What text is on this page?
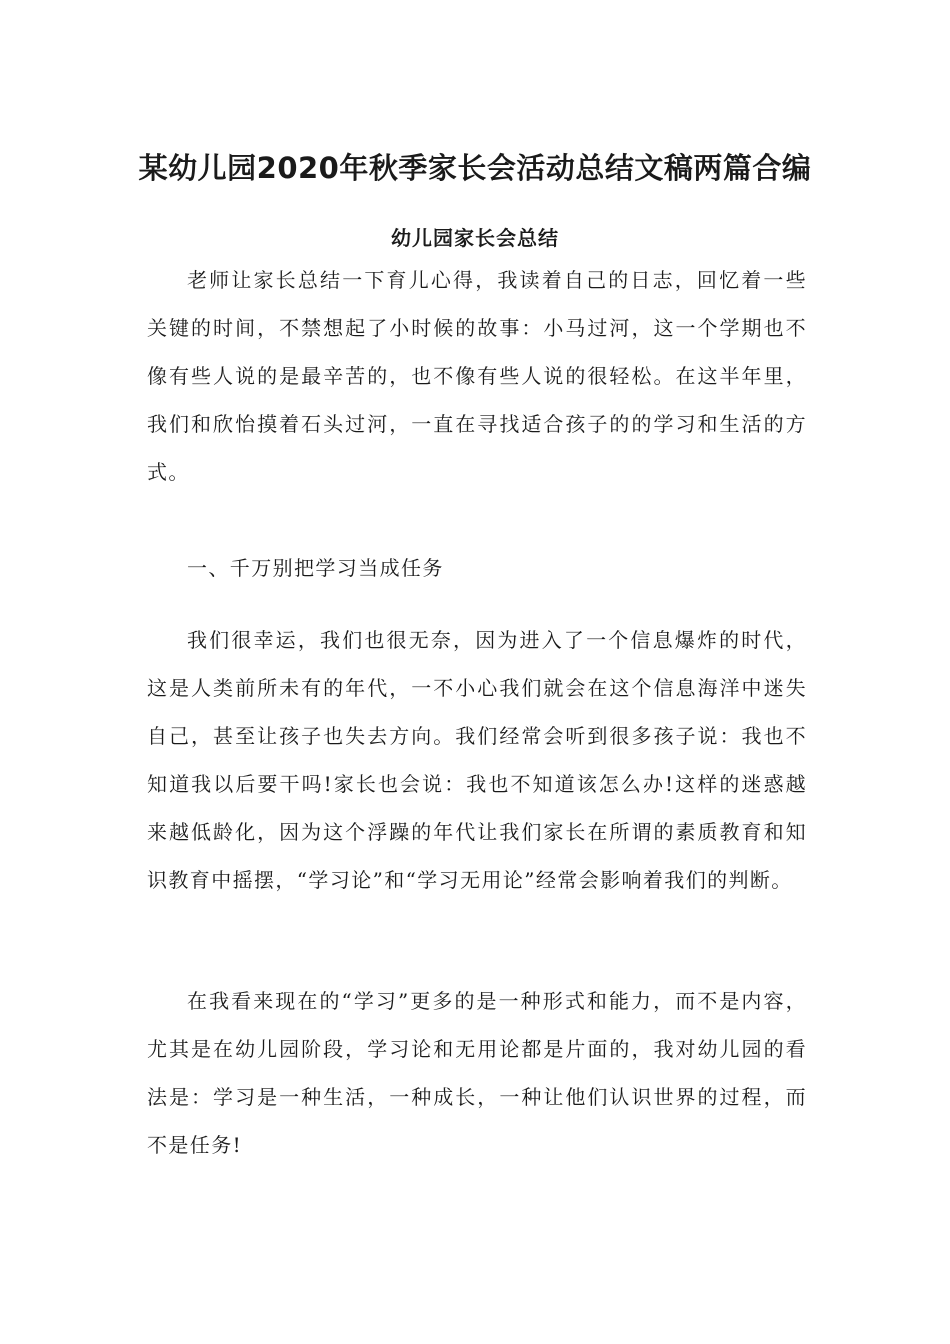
某幼儿园2020年秋季家长会活动总结文稿两篇合编
幼儿园家长会总结

老师让家长总结一下育儿心得，我读着自己的日志，回忆着一些关键的时间，不禁想起了小时候的故事：小马过河，这一个学期也不像有些人说的是最辛苦的，也不像有些人说的很轻松。在这半年里，我们和欣怡摸着石头过河，一直在寻找适合孩子的的学习和生活的方式。

一、千万别把学习当成任务

我们很幸运，我们也很无奈，因为进入了一个信息爆炸的时代，这是人类前所未有的年代，一不小心我们就会在这个信息海洋中迷失自己，甚至让孩子也失去方向。我们经常会听到很多孩子说：我也不知道我以后要干吗!家长也会说：我也不知道该怎么办!这样的迷惑越来越低龄化，因为这个浮躁的年代让我们家长在所谓的素质教育和知识教育中摇摆，“学习论”和“学习无用论”经常会影响着我们的判断。

在我看来现在的“学习”更多的是一种形式和能力，而不是内容，尤其是在幼儿园阶段，学习论和无用论都是片面的，我对幼儿园的看法是：学习是一种生活，一种成长，一种让他们认识世界的过程，而不是任务!
